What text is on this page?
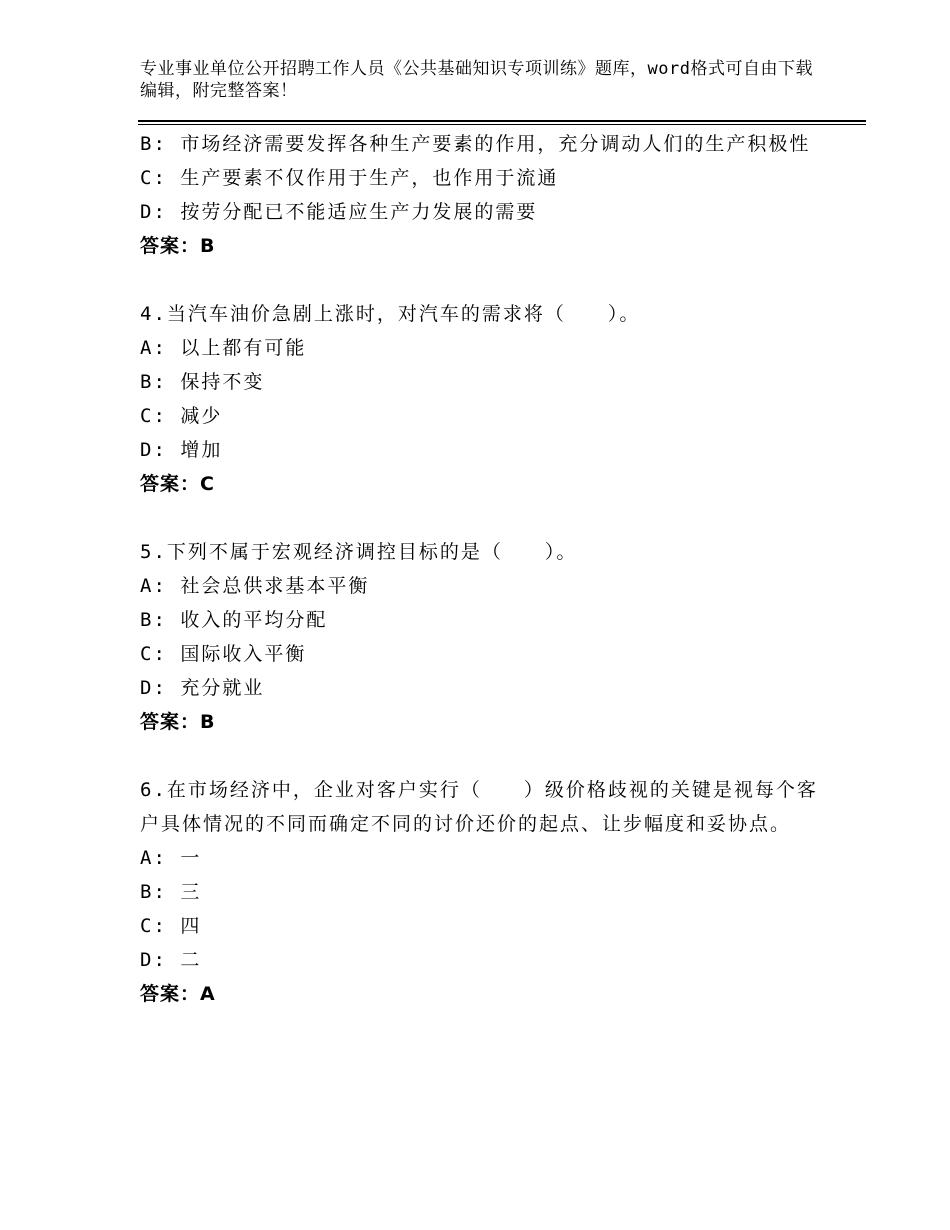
专业事业单位公开招聘工作人员《公共基础知识专项训练》题库，word格式可自由下载编辑，附完整答案！
B: 市场经济需要发挥各种生产要素的作用，充分调动人们的生产积极性
C: 生产要素不仅作用于生产，也作用于流通
D: 按劳分配已不能适应生产力发展的需要
答案：B
4.当汽车油价急剧上涨时，对汽车的需求将（　　）。
A: 以上都有可能
B: 保持不变
C: 减少
D: 增加
答案：C
5.下列不属于宏观经济调控目标的是（　　）。
A: 社会总供求基本平衡
B: 收入的平均分配
C: 国际收入平衡
D: 充分就业
答案：B
6.在市场经济中，企业对客户实行（　　）级价格歧视的关键是视每个客户具体情况的不同而确定不同的讨价还价的起点、让步幅度和妥协点。
A: 一
B: 三
C: 四
D: 二
答案：A
